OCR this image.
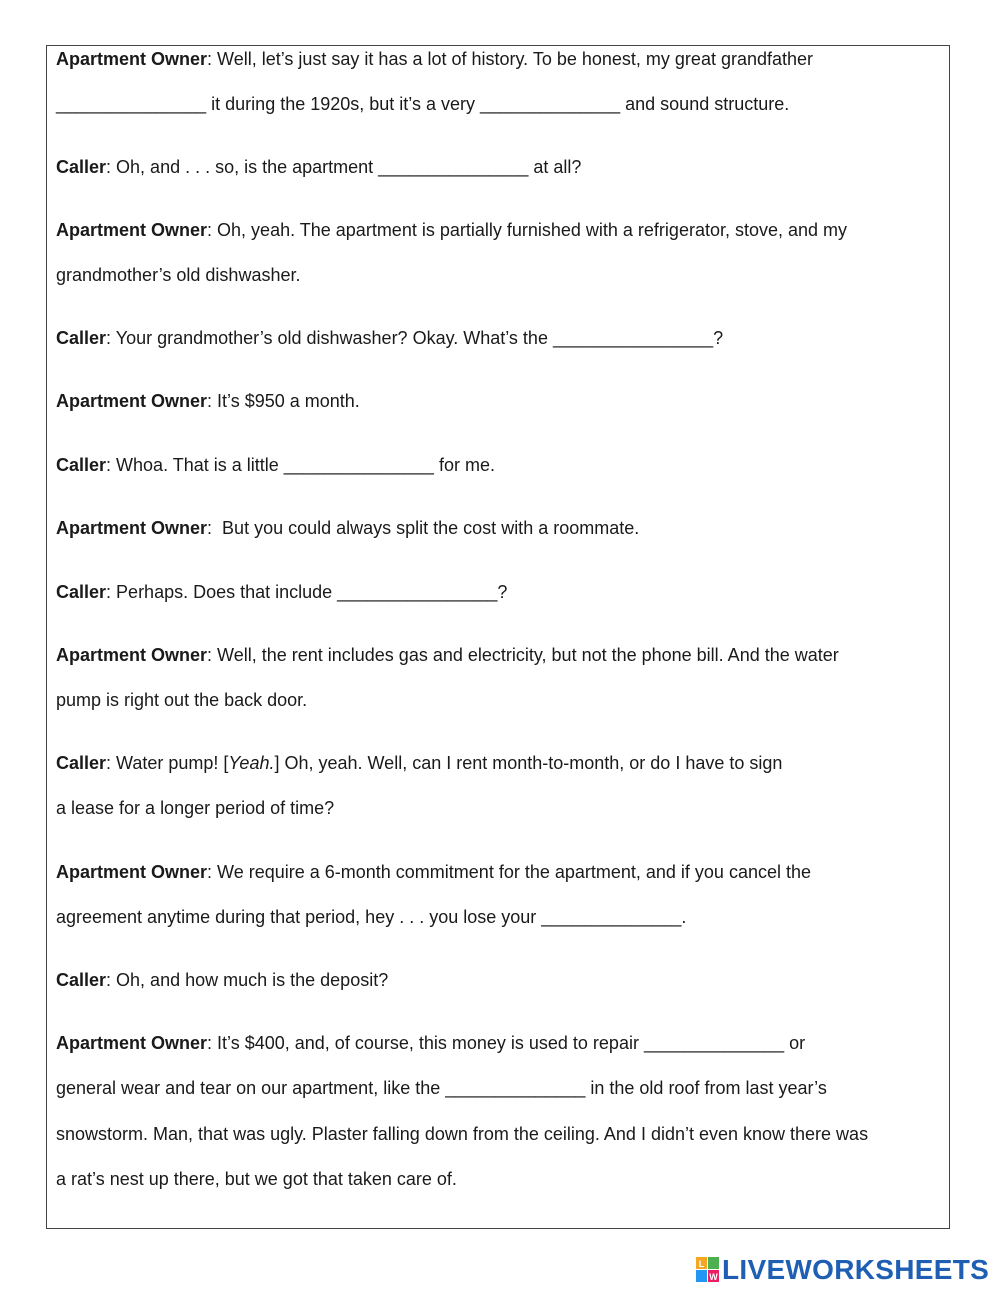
Apartment Owner: Well, let’s just say it has a lot of history. To be honest, my great grandfather

_______________ it during the 1920s, but it’s a very ______________ and sound structure.

Caller: Oh, and . . . so, is the apartment _______________ at all?

Apartment Owner: Oh, yeah. The apartment is partially furnished with a refrigerator, stove, and my

grandmother’s old dishwasher.

Caller: Your grandmother’s old dishwasher? Okay. What’s the ________________?

Apartment Owner: It’s $950 a month.

Caller: Whoa. That is a little _______________ for me.

Apartment Owner:  But you could always split the cost with a roommate.

Caller: Perhaps. Does that include ________________?

Apartment Owner: Well, the rent includes gas and electricity, but not the phone bill. And the water

pump is right out the back door.

Caller: Water pump! [Yeah.] Oh, yeah. Well, can I rent month-to-month, or do I have to sign

a lease for a longer period of time?

Apartment Owner: We require a 6-month commitment for the apartment, and if you cancel the

agreement anytime during that period, hey . . . you lose your ______________.

Caller: Oh, and how much is the deposit?

Apartment Owner: It’s $400, and, of course, this money is used to repair ______________ or

general wear and tear on our apartment, like the ______________ in the old roof from last year’s

snowstorm. Man, that was ugly. Plaster falling down from the ceiling. And I didn’t even know there was

a rat’s nest up there, but we got that taken care of.

L
W LIVEWORKSHEETS
